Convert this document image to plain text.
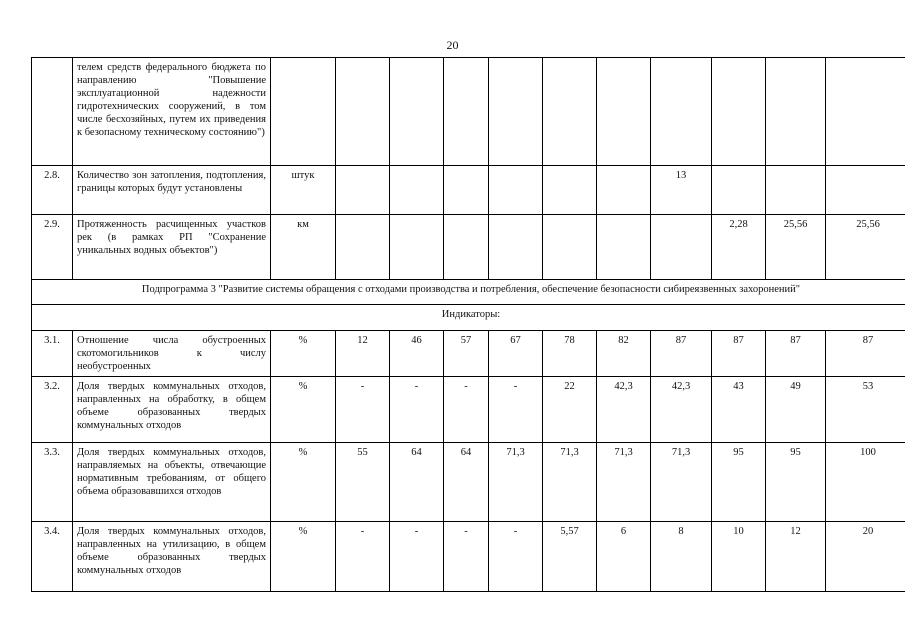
20
	телем средств федерального бюджета по направлению "Повышение эксплуатационной надежности гидротехнических сооружений, в том числе бесхозяйных, путем их приведения к безопасному техническому состоянию")											
2.8.	Количество зон затопления, подтопления, границы которых будут установлены	штук							13			
2.9.	Протяженность расчищенных участков рек (в рамках РП "Сохранение уникальных водных объектов")	км								2,28	25,56	25,56
Подпрограмма 3 "Развитие системы обращения с отходами производства и потребления, обеспечение безопасности сибиреязвенных захоронений"												
Индикаторы:												
3.1.	Отношение числа обустроенных скотомогильников к числу необустроенных	%	12	46	57	67	78	82	87	87	87	87
3.2.	Доля твердых коммунальных отходов, направленных на обработку, в общем объеме образованных твердых коммунальных отходов	%	-	-	-	-	22	42,3	42,3	43	49	53
3.3.	Доля твердых коммунальных отходов, направляемых на объекты, отвечающие нормативным требованиям, от общего объема образовавшихся отходов	%	55	64	64	71,3	71,3	71,3	71,3	95	95	100
3.4.	Доля твердых коммунальных отходов, направленных на утилизацию, в общем объеме образованных твердых коммунальных отходов	%	-	-	-	-	5,57	6	8	10	12	20
